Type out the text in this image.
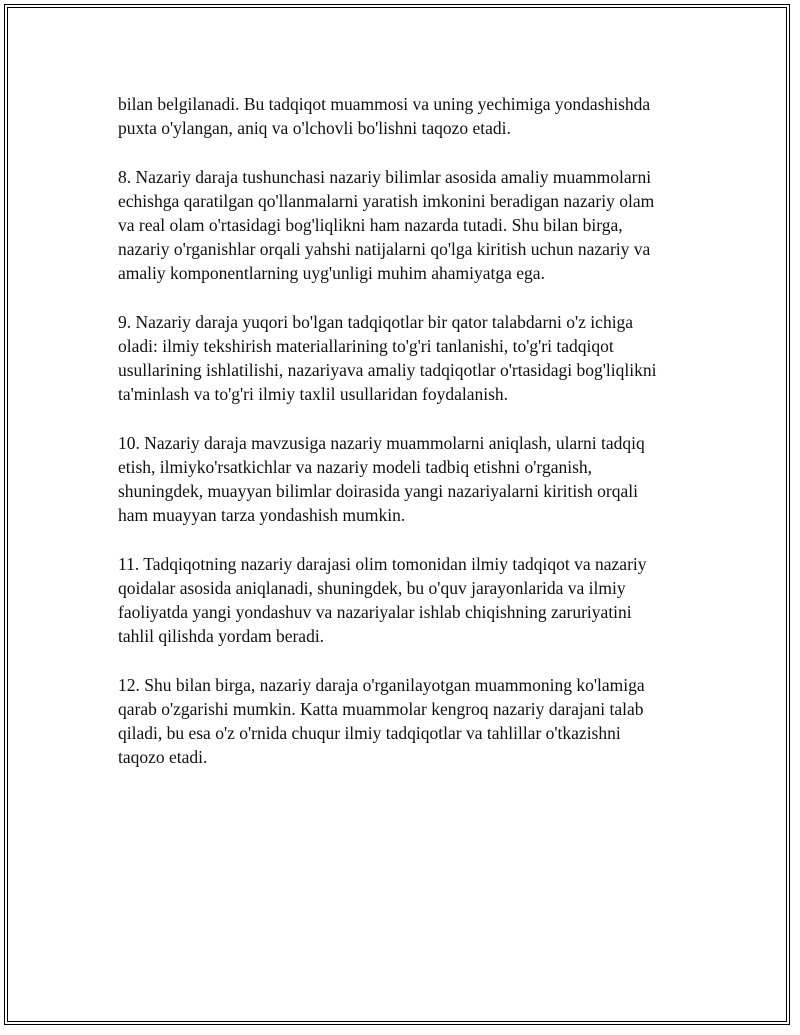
bilan belgilanadi. Bu tadqiqot muammosi va uning yechimiga yondashishda
puxta o'ylangan, aniq va o'lchovli bo'lishni taqozo etadi.

8. Nazariy daraja tushunchasi nazariy bilimlar asosida amaliy muammolarni
echishga qaratilgan qo'llanmalarni yaratish imkonini beradigan nazariy olam
va real olam o'rtasidagi bog'liqlikni ham nazarda tutadi. Shu bilan birga,
nazariy o'rganishlar orqali yahshi natijalarni qo'lga kiritish uchun nazariy va
amaliy komponentlarning uyg'unligi muhim ahamiyatga ega.

9. Nazariy daraja yuqori bo'lgan tadqiqotlar bir qator talabdarni o'z ichiga
oladi: ilmiy tekshirish materiallarining to'g'ri tanlanishi, to'g'ri tadqiqot
usullarining ishlatilishi, nazariyava amaliy tadqiqotlar o'rtasidagi bog'liqlikni
ta'minlash va to'g'ri ilmiy taxlil usullaridan foydalanish.

10. Nazariy daraja mavzusiga nazariy muammolarni aniqlash, ularni tadqiq
etish, ilmiyko'rsatkichlar va nazariy modeli tadbiq etishni o'rganish,
shuningdek, muayyan bilimlar doirasida yangi nazariyalarni kiritish orqali
ham muayyan tarza yondashish mumkin.

11. Tadqiqotning nazariy darajasi olim tomonidan ilmiy tadqiqot va nazariy
qoidalar asosida aniqlanadi, shuningdek, bu o'quv jarayonlarida va ilmiy
faoliyatda yangi yondashuv va nazariyalar ishlab chiqishning zaruriyatini
tahlil qilishda yordam beradi.

12. Shu bilan birga, nazariy daraja o'rganilayotgan muammoning ko'lamiga
qarab o'zgarishi mumkin. Katta muammolar kengroq nazariy darajani talab
qiladi, bu esa o'z o'rnida chuqur ilmiy tadqiqotlar va tahlillar o'tkazishni
taqozo etadi.
